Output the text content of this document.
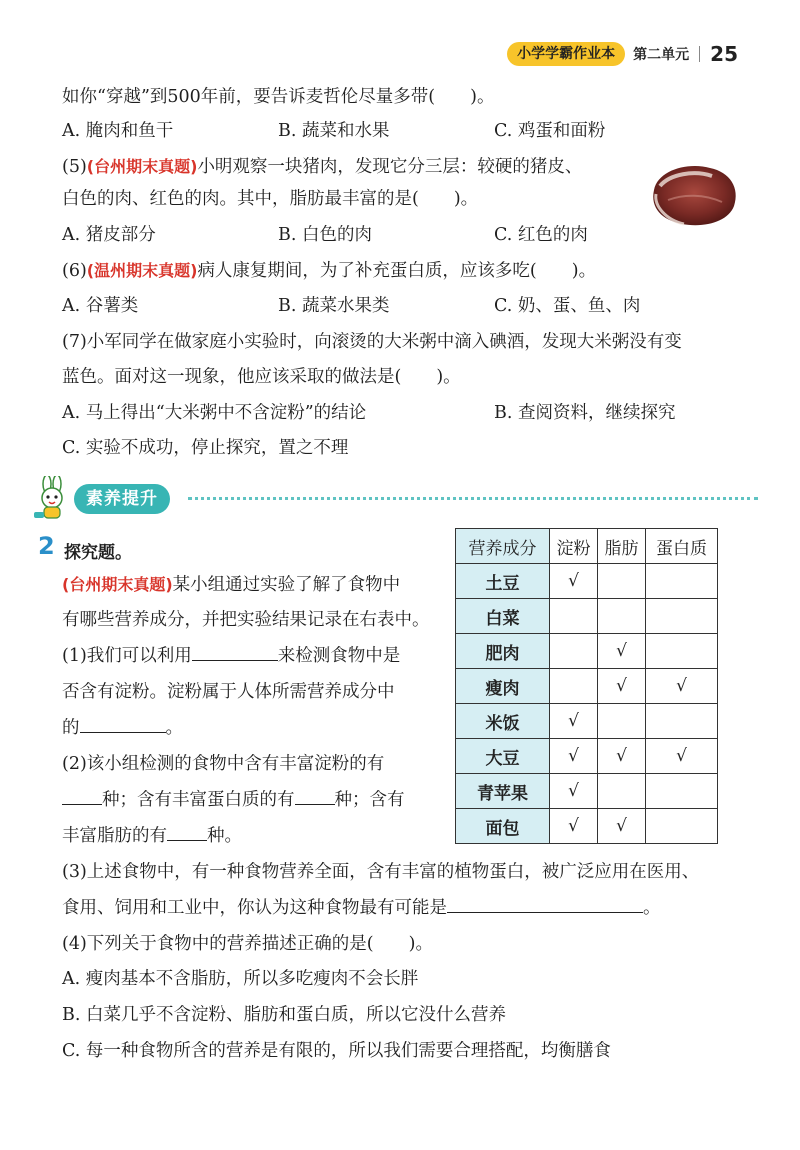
小学学霸作业本	第二单元 25
如你“穿越”到500年前，要告诉麦哲伦尽量多带(　　)。
A. 腌肉和鱼干	B. 蔬菜和水果	C. 鸡蛋和面粉
(5)(台州期末真题)小明观察一块猪肉，发现它分三层：较硬的猪皮、
白色的肉、红色的肉。其中，脂肪最丰富的是(　　)。
A. 猪皮部分	B. 白色的肉	C. 红色的肉
(6)(温州期末真题)病人康复期间，为了补充蛋白质，应该多吃(　　)。
A. 谷薯类	B. 蔬菜水果类	C. 奶、蛋、鱼、肉
(7)小军同学在做家庭小实验时，向滚烫的大米粥中滴入碘酒，发现大米粥没有变
蓝色。面对这一现象，他应该采取的做法是(　　)。
A. 马上得出“大米粥中不含淀粉”的结论	B. 查阅资料，继续探究
C. 实验不成功，停止探究，置之不理
素养提升
2 探究题。
(台州期末真题)某小组通过实验了解了食物中
有哪些营养成分，并把实验结果记录在右表中。
(1)我们可以利用	来检测食物中是
否含有淀粉。淀粉属于人体所需营养成分中
的	。
(2)该小组检测的食物中含有丰富淀粉的有
种；含有丰富蛋白质的有 种；含有
丰富脂肪的有 种。
(3)上述食物中，有一种食物营养全面，含有丰富的植物蛋白，被广泛应用在医用、
食用、饲用和工业中，你认为这种食物最有可能是	。
(4)下列关于食物中的营养描述正确的是(　　)。
A. 瘦肉基本不含脂肪，所以多吃瘦肉不会长胖
B. 白菜几乎不含淀粉、脂肪和蛋白质，所以它没什么营养
C. 每一种食物所含的营养是有限的，所以我们需要合理搭配，均衡膳食
营养成分	淀粉	脂肪	蛋白质
土豆	√		
白菜			
肥肉		√	
瘦肉		√	√
米饭	√		
大豆	√	√	√
青苹果	√		
面包	√	√	
